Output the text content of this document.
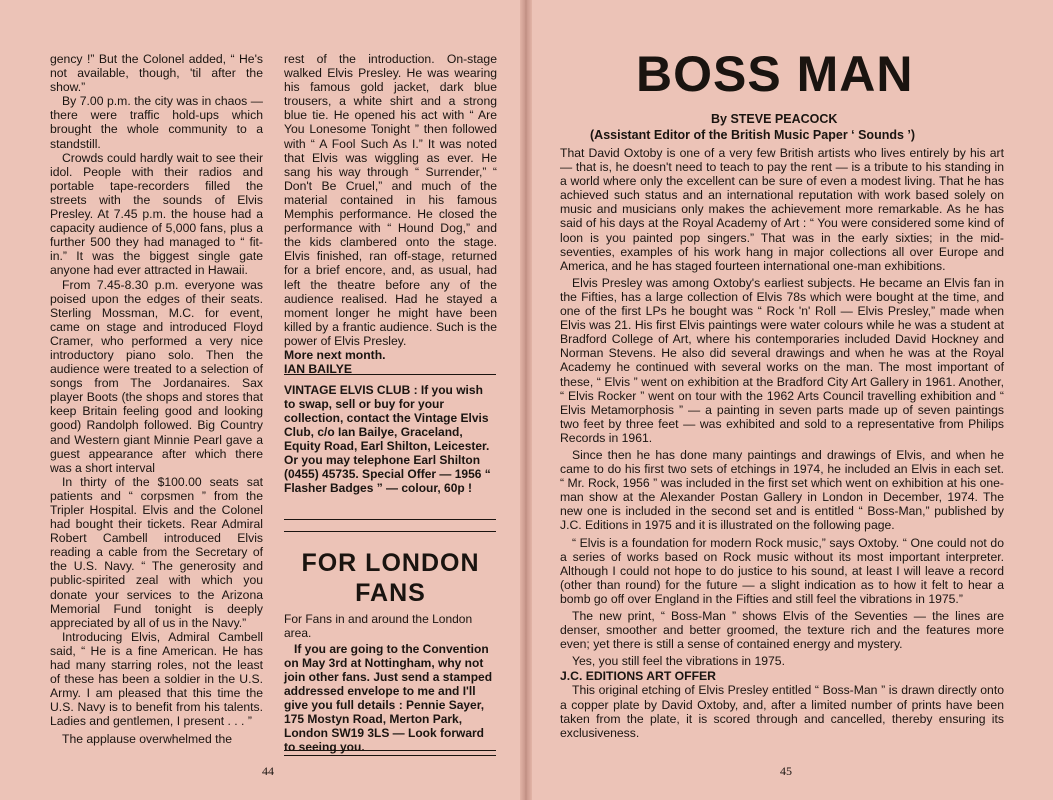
gency !” But the Colonel added, “ He's not available, though, 'til after the show.”

By 7.00 p.m. the city was in chaos — there were traffic hold-ups which brought the whole community to a standstill.

Crowds could hardly wait to see their idol. People with their radios and portable tape-recorders filled the streets with the sounds of Elvis Presley. At 7.45 p.m. the house had a capacity audience of 5,000 fans, plus a further 500 they had managed to “ fit-in.” It was the biggest single gate anyone had ever attracted in Hawaii.

From 7.45-8.30 p.m. everyone was poised upon the edges of their seats. Sterling Mossman, M.C. for event, came on stage and introduced Floyd Cramer, who performed a very nice introductory piano solo. Then the audience were treated to a selection of songs from The Jordanaires. Sax player Boots (the shops and stores that keep Britain feeling good and looking good) Randolph followed. Big Country and Western giant Minnie Pearl gave a guest appearance after which there was a short interval

In thirty of the $100.00 seats sat patients and “ corpsmen ” from the Tripler Hospital. Elvis and the Colonel had bought their tickets. Rear Admiral Robert Cambell introduced Elvis reading a cable from the Secretary of the U.S. Navy. “ The generosity and public-spirited zeal with which you donate your services to the Arizona Memorial Fund tonight is deeply appreciated by all of us in the Navy.”

Introducing Elvis, Admiral Cambell said, “ He is a fine American. He has had many starring roles, not the least of these has been a soldier in the U.S. Army. I am pleased that this time the U.S. Navy is to benefit from his talents. Ladies and gentlemen, I present . . . ”

The applause overwhelmed the

rest of the introduction. On-stage walked Elvis Presley. He was wearing his famous gold jacket, dark blue trousers, a white shirt and a strong blue tie. He opened his act with “ Are You Lonesome Tonight ” then followed with “ A Fool Such As I.” It was noted that Elvis was wiggling as ever. He sang his way through “ Surrender,” “ Don't Be Cruel,” and much of the material contained in his famous Memphis performance. He closed the performance with “ Hound Dog,” and the kids clambered onto the stage. Elvis finished, ran off-stage, returned for a brief encore, and, as usual, had left the theatre before any of the audience realised. Had he stayed a moment longer he might have been killed by a frantic audience. Such is the power of Elvis Presley.

More next month.

IAN BAILYE

VINTAGE ELVIS CLUB : If you wish to swap, sell or buy for your collection, contact the Vintage Elvis Club, c/o Ian Bailye, Graceland, Equity Road, Earl Shilton, Leicester. Or you may telephone Earl Shilton (0455) 45735. Special Offer — 1956 “ Flasher Badges ” — colour, 60p !
FOR LONDON
FANS

For Fans in and around the London area.

If you are going to the Convention on May 3rd at Nottingham, why not join other fans. Just send a stamped addressed envelope to me and I'll give you full details : Pennie Sayer, 175 Mostyn Road, Merton Park, London SW19 3LS — Look forward to seeing you.

44
BOSS MAN
By STEVE PEACOCK
(Assistant Editor of the British Music Paper ‘ Sounds ’)

That David Oxtoby is one of a very few British artists who lives entirely by his art — that is, he doesn't need to teach to pay the rent — is a tribute to his standing in a world where only the excellent can be sure of even a modest living. That he has achieved such status and an international reputation with work based solely on music and musicians only makes the achievement more remarkable. As he has said of his days at the Royal Academy of Art : “ You were considered some kind of loon is you painted pop singers.” That was in the early sixties; in the mid-seventies, examples of his work hang in major collections all over Europe and America, and he has staged fourteen international one-man exhibitions.

Elvis Presley was among Oxtoby's earliest subjects. He became an Elvis fan in the Fifties, has a large collection of Elvis 78s which were bought at the time, and one of the first LPs he bought was “ Rock 'n' Roll — Elvis Presley,” made when Elvis was 21. His first Elvis paintings were water colours while he was a student at Bradford College of Art, where his contemporaries included David Hockney and Norman Stevens. He also did several drawings and when he was at the Royal Academy he continued with several works on the man. The most important of these, “ Elvis ” went on exhibition at the Bradford City Art Gallery in 1961. Another, “ Elvis Rocker ” went on tour with the 1962 Arts Council travelling exhibition and “ Elvis Metamorphosis ” — a painting in seven parts made up of seven paintings two feet by three feet — was exhibited and sold to a representative from Philips Records in 1961.

Since then he has done many paintings and drawings of Elvis, and when he came to do his first two sets of etchings in 1974, he included an Elvis in each set. “ Mr. Rock, 1956 ” was included in the first set which went on exhibition at his one-man show at the Alexander Postan Gallery in London in December, 1974. The new one is included in the second set and is entitled “ Boss-Man,” published by J.C. Editions in 1975 and it is illustrated on the following page.

“ Elvis is a foundation for modern Rock music,” says Oxtoby. “ One could not do a series of works based on Rock music without its most important interpreter. Although I could not hope to do justice to his sound, at least I will leave a record (other than round) for the future — a slight indication as to how it felt to hear a bomb go off over England in the Fifties and still feel the vibrations in 1975.”

The new print, “ Boss-Man ” shows Elvis of the Seventies — the lines are denser, smoother and better groomed, the texture rich and the features more even; yet there is still a sense of contained energy and mystery.

Yes, you still feel the vibrations in 1975.

J.C. EDITIONS ART OFFER

This original etching of Elvis Presley entitled “ Boss-Man ” is drawn directly onto a copper plate by David Oxtoby, and, after a limited number of prints have been taken from the plate, it is scored through and cancelled, thereby ensuring its exclusiveness.

45
